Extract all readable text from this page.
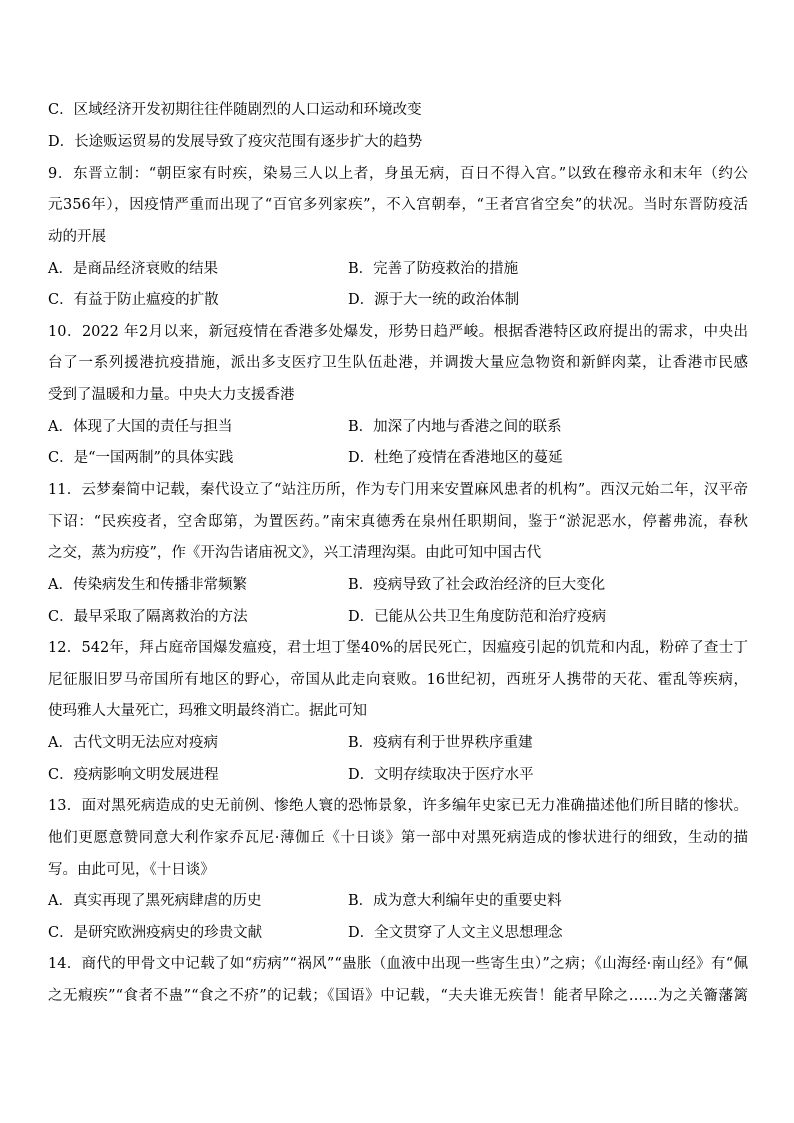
C．区域经济开发初期往往伴随剧烈的人口运动和环境改变
D．长途贩运贸易的发展导致了疫灾范围有逐步扩大的趋势
9．东晋立制：“朝臣家有时疾，染易三人以上者，身虽无病，百日不得入宫。”以致在穆帝永和末年（约公
元356年），因疫情严重而出现了“百官多列家疾”，不入宫朝奉，“王者宫省空矣”的状况。当时东晋防疫活
动的开展
A．是商品经济衰败的结果	B．完善了防疫救治的措施
C．有益于防止瘟疫的扩散	D．源于大一统的政治体制
10．2022 年2月以来，新冠疫情在香港多处爆发，形势日趋严峻。根据香港特区政府提出的需求，中央出
台了一系列援港抗疫措施，派出多支医疗卫生队伍赴港，并调拨大量应急物资和新鲜肉菜，让香港市民感
受到了温暖和力量。中央大力支援香港
A．体现了大国的责任与担当	B．加深了内地与香港之间的联系
C．是“一国两制”的具体实践	D．杜绝了疫情在香港地区的蔓延
11．云梦秦简中记载，秦代设立了“站注历所，作为专门用来安置麻风患者的机构”。西汉元始二年，汉平帝
下诏：“民疾疫者，空舍邸第，为置医药。”南宋真德秀在泉州任职期间，鉴于“淤泥恶水，停蓄弗流，春秋
之交，蒸为疠疫”，作《开沟告诸庙祝文》，兴工清理沟渠。由此可知中国古代
A．传染病发生和传播非常频繁	B．疫病导致了社会政治经济的巨大变化
C．最早采取了隔离救治的方法	D．已能从公共卫生角度防范和治疗疫病
12．542年，拜占庭帝国爆发瘟疫，君士坦丁堡40%的居民死亡，因瘟疫引起的饥荒和内乱，粉碎了查士丁
尼征服旧罗马帝国所有地区的野心，帝国从此走向衰败。16世纪初，西班牙人携带的天花、霍乱等疾病，
使玛雅人大量死亡，玛雅文明最终消亡。据此可知
A．古代文明无法应对疫病	B．疫病有利于世界秩序重建
C．疫病影响文明发展进程	D．文明存续取决于医疗水平
13．面对黑死病造成的史无前例、惨绝人寰的恐怖景象，许多编年史家已无力准确描述他们所目睹的惨状。
他们更愿意赞同意大利作家乔瓦尼·薄伽丘《十日谈》第一部中对黑死病造成的惨状进行的细致，生动的描
写。由此可见，《十日谈》
A．真实再现了黑死病肆虐的历史	B．成为意大利编年史的重要史料
C．是研究欧洲疫病史的珍贵文献	D．全文贯穿了人文主义思想理念
14．商代的甲骨文中记载了如“疠病”“祸风”“蛊胀（血液中出现一些寄生虫）”之病；《山海经·南山经》有“佩
之无瘕疾”“食者不蛊”“食之不疥”的记载；《国语》中记载，“夫夫谁无疾眚！能者早除之……为之关籥藩篱
